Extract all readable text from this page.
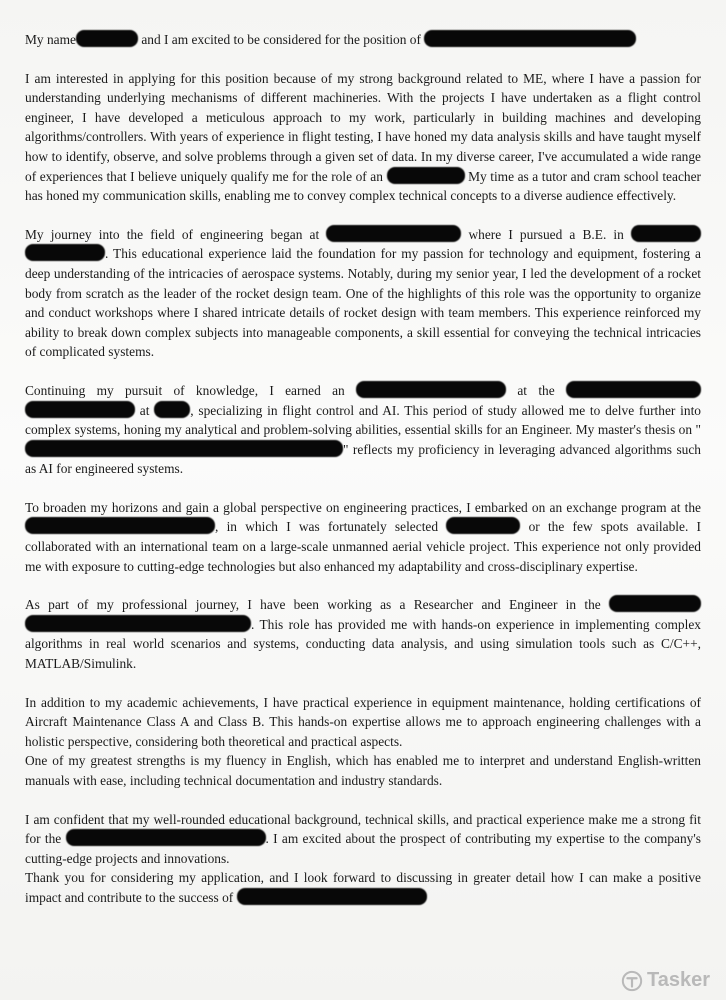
My name	and I am excited to be considered for the position of

I am interested in applying for this position because of my strong background related to ME, where I have a passion for understanding underlying mechanisms of different machineries. With the projects I have undertaken as a flight control engineer, I have developed a meticulous approach to my work, particularly in building machines and developing algorithms/controllers. With years of experience in flight testing, I have honed my data analysis skills and have taught myself how to identify, observe, and solve problems through a given set of data. In my diverse career, I've accumulated a wide range of experiences that I believe uniquely qualify me for the role of an	My time as a tutor and cram school teacher has honed my communication skills, enabling me to convey complex technical concepts to a diverse audience effectively.

My journey into the field of engineering began at	where I pursued a B.E. in  . This educational experience laid the foundation for my passion for technology and equipment, fostering a deep understanding of the intricacies of aerospace systems. Notably, during my senior year, I led the development of a rocket body from scratch as the leader of the rocket design team. One of the highlights of this role was the opportunity to organize and conduct workshops where I shared intricate details of rocket design with team members. This experience reinforced my ability to break down complex subjects into manageable components, a skill essential for conveying the technical intricacies of complicated systems.

Continuing my pursuit of knowledge, I earned an	at the   at	, specializing in flight control and AI. This period of study allowed me to delve further into complex systems, honing my analytical and problem-solving abilities, essential skills for an Engineer. My master's thesis on "" reflects my proficiency in leveraging advanced algorithms such as AI for engineered systems.

To broaden my horizons and gain a global perspective on engineering practices, I embarked on an exchange program at the , in which I was fortunately selected	or the few spots available. I collaborated with an international team on a large-scale unmanned aerial vehicle project. This experience not only provided me with exposure to cutting-edge technologies but also enhanced my adaptability and cross-disciplinary expertise.

As part of my professional journey, I have been working as a Researcher and Engineer in the  . This role has provided me with hands-on experience in implementing complex algorithms in real world scenarios and systems, conducting data analysis, and using simulation tools such as C/C++, MATLAB/Simulink.

In addition to my academic achievements, I have practical experience in equipment maintenance, holding certifications of Aircraft Maintenance Class A and Class B. This hands-on expertise allows me to approach engineering challenges with a holistic perspective, considering both theoretical and practical aspects.

One of my greatest strengths is my fluency in English, which has enabled me to interpret and understand English-written manuals with ease, including technical documentation and industry standards.

I am confident that my well-rounded educational background, technical skills, and practical experience make me a strong fit for the	. I am excited about the prospect of contributing my expertise to the company's cutting-edge projects and innovations.

Thank you for considering my application, and I look forward to discussing in greater detail how I can make a positive impact and contribute to the success of

Tasker
